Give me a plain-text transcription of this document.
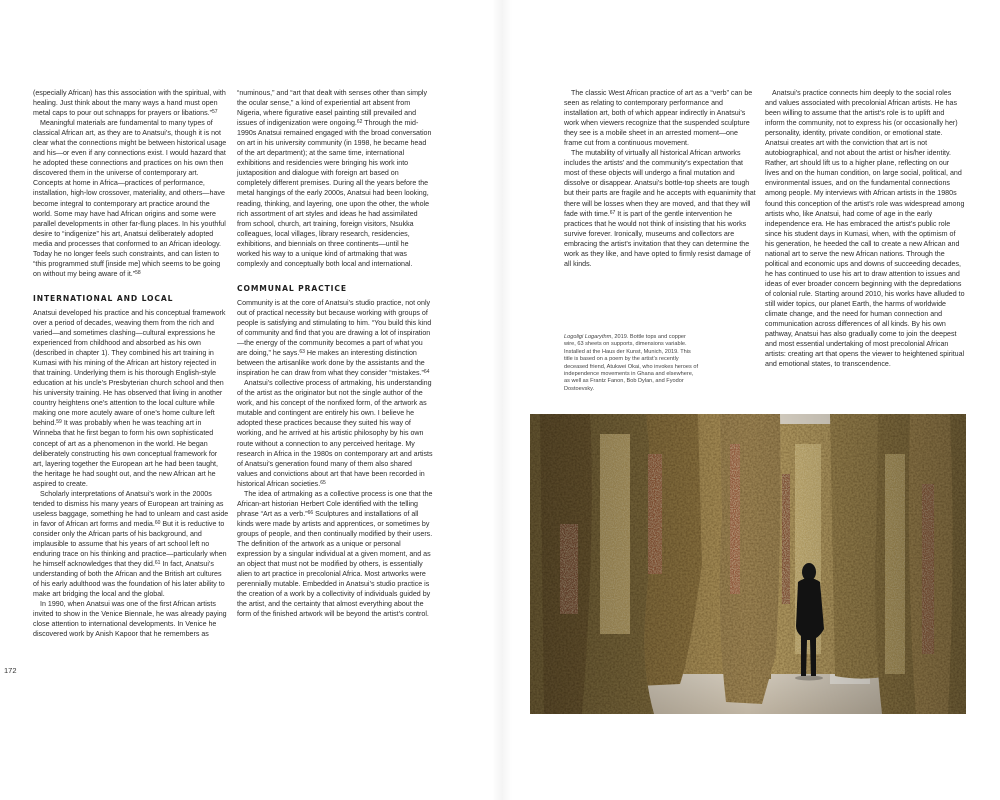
(especially African) has this association with the spiritual, with healing. Just think about the many ways a hand must open metal caps to pour out schnapps for prayers or libations.”$^{57}$

Meaningful materials are fundamental to many types of classical African art, as they are to Anatsui’s, though it is not clear what the connections might be between historical usage and his—or even if any connections exist. I would hazard that he adopted these connections and practices on his own then discovered them in the universe of contemporary art. Concepts at home in Africa—practices of performance, installation, high-low crossover, materiality, and others—have become integral to contemporary art practice around the world. Some may have had African origins and some were parallel developments in other far-flung places. In his youthful desire to “indigenize” his art, Anatsui deliberately adopted media and processes that conformed to an African ideology. Today he no longer feels such constraints, and can listen to “this programmed stuff [inside me] which seems to be going on without my being aware of it.”$^{58}$

INTERNATIONAL AND LOCAL

Anatsui developed his practice and his conceptual framework over a period of decades, weaving them from the rich and varied—and sometimes clashing—cultural expressions he experienced from childhood and absorbed as his own (described in chapter 1). They combined his art training in Kumasi with his mining of the African art history rejected in that training. Underlying them is his thorough English-style education at his uncle’s Presbyterian church school and then his university training. He has observed that living in another country heightens one’s attention to the local culture while making one more acutely aware of one’s home culture left behind.$^{59}$ It was probably when he was teaching art in Winneba that he first began to form his own sophisticated concept of art as a phenomenon in the world. He began deliberately constructing his own conceptual framework for art, layering together the European art he had been taught, the heritage he had sought out, and the new African art he aspired to create.

Scholarly interpretations of Anatsui’s work in the 2000s tended to dismiss his many years of European art training as useless baggage, something he had to unlearn and cast aside in favor of African art forms and media.$^{60}$ But it is reductive to consider only the African parts of his background, and implausible to assume that his years of art school left no enduring trace on his thinking and practice—particularly when he himself acknowledges that they did.$^{61}$ In fact, Anatsui’s understanding of both the African and the British art cultures of his early adulthood was the foundation of his later ability to make art bridging the local and the global.

In 1990, when Anatsui was one of the first African artists invited to show in the Venice Biennale, he was already paying close attention to international developments. In Venice he discovered work by Anish Kapoor that he remembers as

“numinous,” and “art that dealt with senses other than simply the ocular sense,” a kind of experiential art absent from Nigeria, where figurative easel painting still prevailed and issues of indigenization were ongoing.$^{62}$ Through the mid-1990s Anatsui remained engaged with the broad conversation on art in his university community (in 1998, he became head of the art department); at the same time, international exhibitions and residencies were bringing his work into juxtaposition and dialogue with foreign art based on completely different premises. During all the years before the metal hangings of the early 2000s, Anatsui had been looking, reading, thinking, and layering, one upon the other, the whole rich assortment of art styles and ideas he had assimilated from school, church, art training, foreign visitors, Nsukka colleagues, local villages, library research, residencies, exhibitions, and biennials on three continents—until he worked his way to a unique kind of artmaking that was complexly and conceptually both local and international.

COMMUNAL PRACTICE

Community is at the core of Anatsui’s studio practice, not only out of practical necessity but because working with groups of people is satisfying and stimulating to him. “You build this kind of community and find that you are drawing a lot of inspiration—the energy of the community becomes a part of what you are doing,” he says.$^{63}$ He makes an interesting distinction between the artisanlike work done by the assistants and the inspiration he can draw from what they consider “mistakes.”$^{64}$

Anatsui’s collective process of artmaking, his understanding of the artist as the originator but not the single author of the work, and his concept of the nonfixed form, of the artwork as mutable and contingent are entirely his own. I believe he adopted these practices because they suited his way of working, and he arrived at his artistic philosophy by his own route without a connection to any perceived heritage. My research in Africa in the 1980s on contemporary art and artists of Anatsui’s generation found many of them also shared values and convictions about art that have been recorded in historical African societies.$^{65}$

The idea of artmaking as a collective process is one that the African-art historian Herbert Cole identified with the telling phrase “Art as a verb.”$^{66}$ Sculptures and installations of all kinds were made by artists and apprentices, or sometimes by groups of people, and then continually modified by their users. The definition of the artwork as a unique or personal expression by a singular individual at a given moment, and as an object that must not be modified by others, is essentially alien to art practice in precolonial Africa. Most artworks were perennially mutable. Embedded in Anatsui’s studio practice is the creation of a work by a collectivity of individuals guided by the artist, and the certainty that almost everything about the form of the finished artwork will be beyond the artist’s control.

172

The classic West African practice of art as a “verb” can be seen as relating to contemporary performance and installation art, both of which appear indirectly in Anatsui’s work when viewers recognize that the suspended sculpture they see is a mobile sheet in an arrested moment—one frame cut from a continuous movement.

The mutability of virtually all historical African artworks includes the artists’ and the community’s expectation that most of these objects will undergo a final mutation and dissolve or disappear. Anatsui’s bottle-top sheets are tough but their parts are fragile and he accepts with equanimity that there will be losses when they are moved, and that they will fade with time.$^{67}$ It is part of the gentle intervention he practices that he would not think of insisting that his works survive forever. Ironically, museums and collectors are embracing the artist’s invitation that they can determine the work as they like, and have opted to firmly resist damage of all kinds.

Anatsui’s practice connects him deeply to the social roles and values associated with precolonial African artists. He has been willing to assume that the artist’s role is to uplift and inform the community, not to express his (or occasionally her) personality, identity, private condition, or emotional state. Anatsui creates art with the conviction that art is not autobiographical, and not about the artist or his/her identity. Rather, art should lift us to a higher plane, reflecting on our lives and on the human condition, on large social, political, and environmental issues, and on the fundamental connections among people. My interviews with African artists in the 1980s found this conception of the artist’s role was widespread among artists who, like Anatsui, had come of age in the early independence era. He has embraced the artist’s public role since his student days in Kumasi, when, with the optimism of his generation, he heeded the call to create a new African and national art to serve the new African nations. Through the political and economic ups and downs of succeeding decades, he has continued to use his art to draw attention to issues and ideas of ever broader concern beginning with the depredations of colonial rule. Starting around 2010, his works have alluded to still wider topics, our planet Earth, the harms of worldwide climate change, and the need for human connection and communication across differences of all kinds. By his own pathway, Anatsui has also gradually come to join the deepest and most essential undertaking of most precolonial African artists: creating art that opens the viewer to heightened spiritual and emotional states, to transcendence.

Logoligi Logarythm, 2019. Bottle tops and copper wire, 63 sheets on supports, dimensions variable. Installed at the Haus der Kunst, Munich, 2019. This title is based on a poem by the artist’s recently deceased friend, Atukwei Okai, who invokes heroes of independence movements in Ghana and elsewhere, as well as Frantz Fanon, Bob Dylan, and Fyodor Dostoevsky.
